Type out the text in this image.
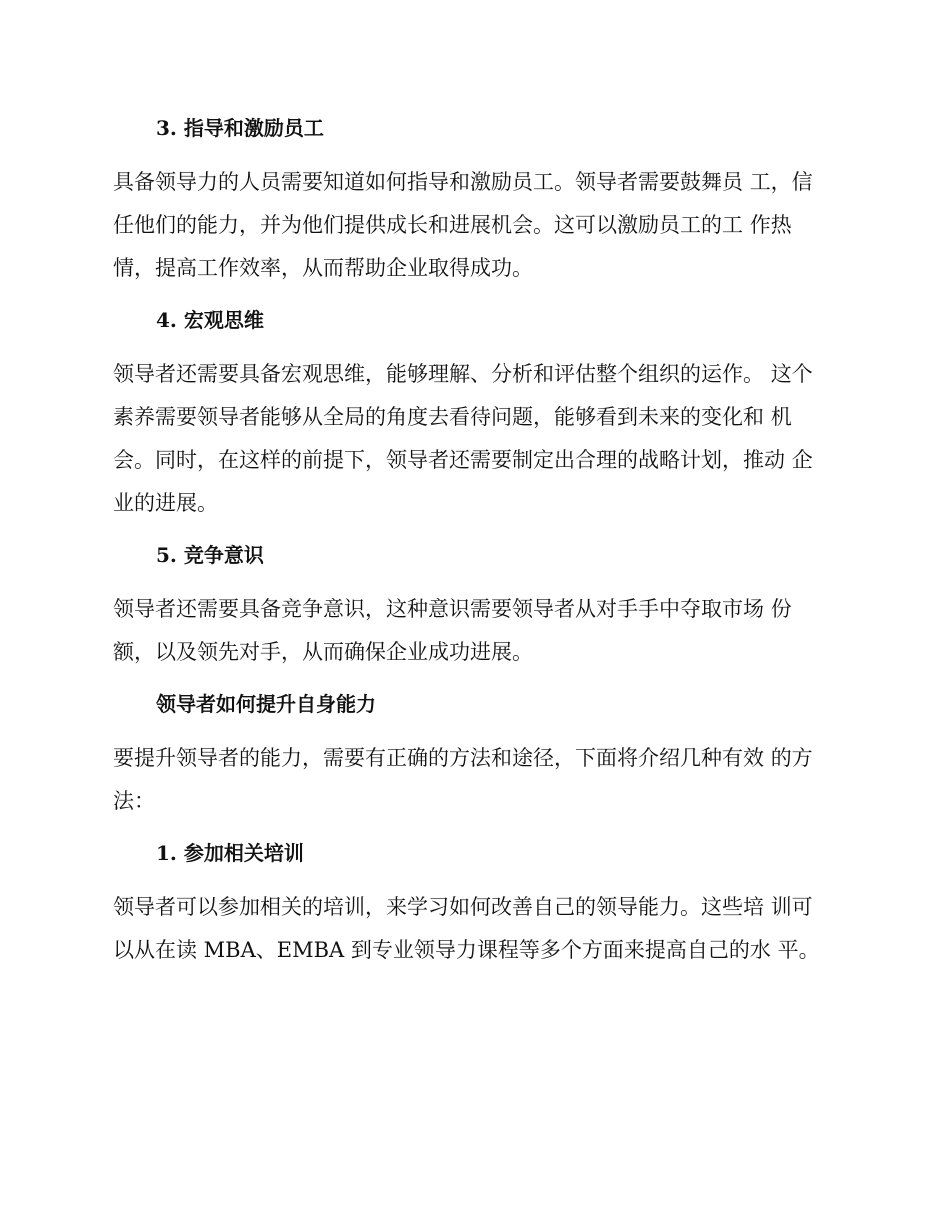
3. 指导和激励员工
具备领导力的人员需要知道如何指导和激励员工。领导者需要鼓舞员 工，信任他们的能力，并为他们提供成长和进展机会。这可以激励员工的工 作热情，提高工作效率，从而帮助企业取得成功。
4. 宏观思维
领导者还需要具备宏观思维，能够理解、分析和评估整个组织的运作。 这个素养需要领导者能够从全局的角度去看待问题，能够看到未来的变化和 机会。同时，在这样的前提下，领导者还需要制定出合理的战略计划，推动 企业的进展。
5. 竞争意识
领导者还需要具备竞争意识，这种意识需要领导者从对手手中夺取市场 份额，以及领先对手，从而确保企业成功进展。
领导者如何提升自身能力
要提升领导者的能力，需要有正确的方法和途径，下面将介绍几种有效 的方法：
1. 参加相关培训
领导者可以参加相关的培训，来学习如何改善自己的领导能力。这些培 训可以从在读 MBA、EMBA 到专业领导力课程等多个方面来提高自己的水 平。
